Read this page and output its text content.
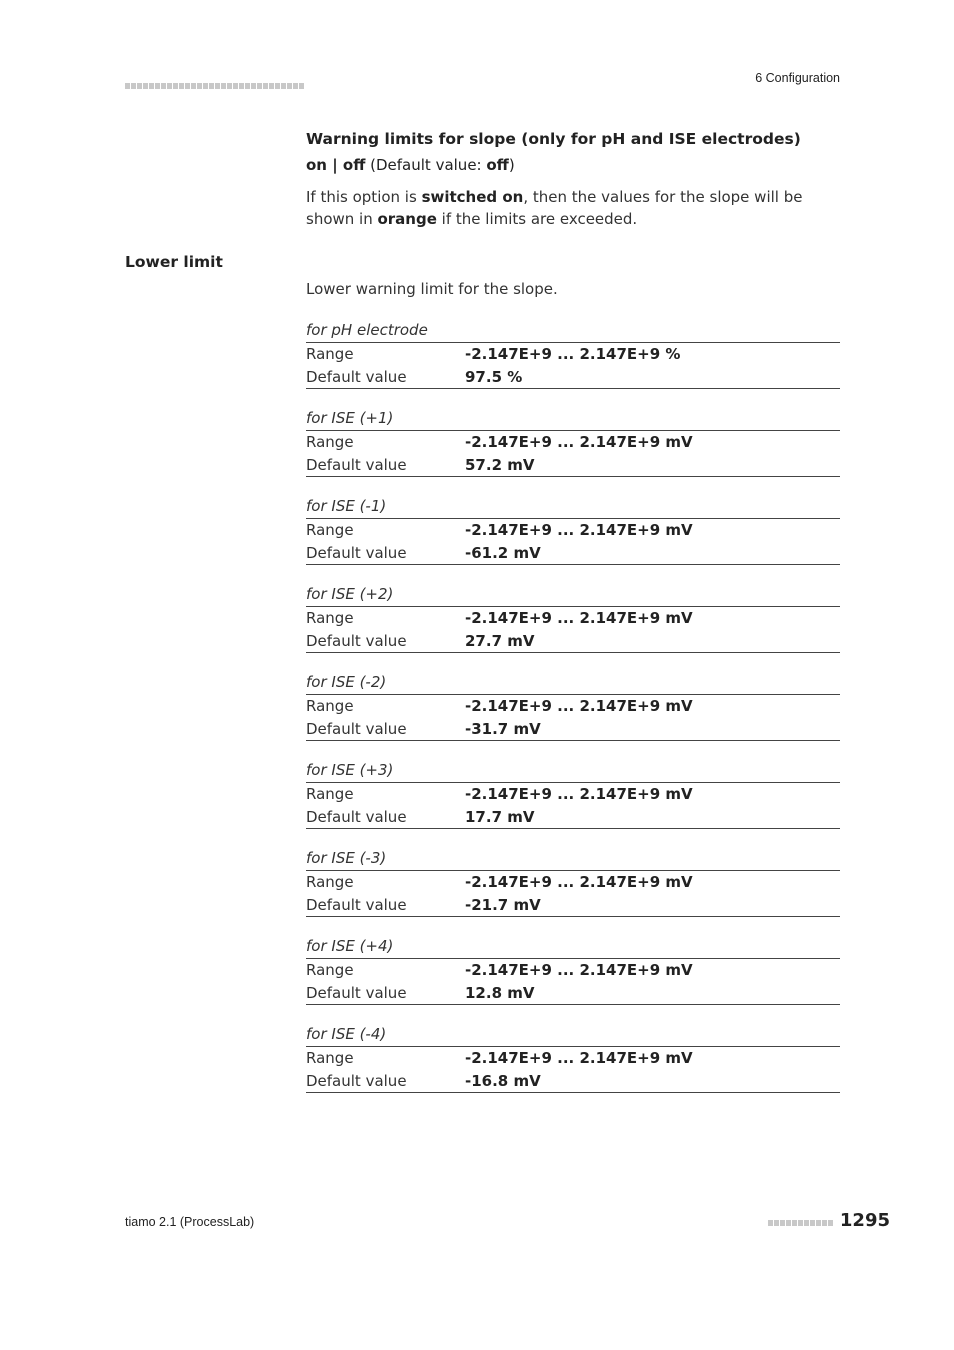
6 Configuration

Warning limits for slope (only for pH and ISE electrodes)

on | off (Default value: off)

If this option is switched on, then the values for the slope will be shown in orange if the limits are exceeded.

Lower limit
Lower warning limit for the slope.
for pH electrode
Range	-2.147E+9 ... 2.147E+9 %
Default value	97.5 %
for ISE (+1)
Range	-2.147E+9 ... 2.147E+9 mV
Default value	57.2 mV
for ISE (-1)
Range	-2.147E+9 ... 2.147E+9 mV
Default value	-61.2 mV
for ISE (+2)
Range	-2.147E+9 ... 2.147E+9 mV
Default value	27.7 mV
for ISE (-2)
Range	-2.147E+9 ... 2.147E+9 mV
Default value	-31.7 mV
for ISE (+3)
Range	-2.147E+9 ... 2.147E+9 mV
Default value	17.7 mV
for ISE (-3)
Range	-2.147E+9 ... 2.147E+9 mV
Default value	-21.7 mV
for ISE (+4)
Range	-2.147E+9 ... 2.147E+9 mV
Default value	12.8 mV
for ISE (-4)
Range	-2.147E+9 ... 2.147E+9 mV
Default value	-16.8 mV
tiamo 2.1 (ProcessLab)	1295
